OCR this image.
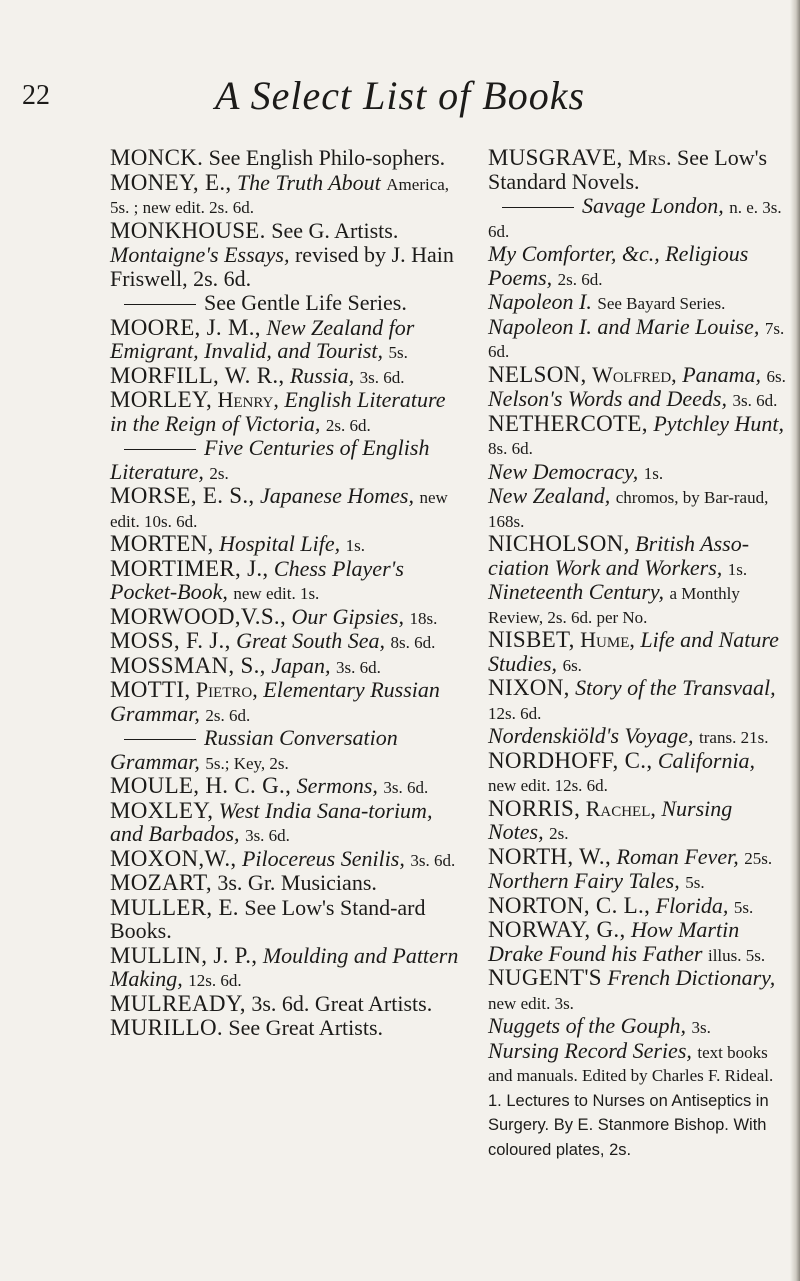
22	A Select List of Books
MONCK. See English Philo-sophers.
MONEY, E., The Truth About America, 5s. ; new edit. 2s. 6d.
MONKHOUSE. See G. Artists.
Montaigne's Essays, revised by J. Hain Friswell, 2s. 6d.
See Gentle Life Series.
MOORE, J. M., New Zealand for Emigrant, Invalid, and Tourist, 5s.
MORFILL, W. R., Russia, 3s. 6d.
MORLEY, Henry, English Literature in the Reign of Victoria, 2s. 6d.
Five Centuries of English Literature, 2s.
MORSE, E. S., Japanese Homes, new edit. 10s. 6d.
MORTEN, Hospital Life, 1s.
MORTIMER, J., Chess Player's Pocket-Book, new edit. 1s.
MORWOOD,V.S., Our Gipsies, 18s.
MOSS, F. J., Great South Sea, 8s. 6d.
MOSSMAN, S., Japan, 3s. 6d.
MOTTI, Pietro, Elementary Russian Grammar, 2s. 6d.
Russian Conversation Grammar, 5s.; Key, 2s.
MOULE, H. C. G., Sermons, 3s. 6d.
MOXLEY, West India Sana-torium, and Barbados, 3s. 6d.
MOXON,W., Pilocereus Senilis, 3s. 6d.
MOZART, 3s. Gr. Musicians.
MULLER, E. See Low's Stand-ard Books.
MULLIN, J. P., Moulding and Pattern Making, 12s. 6d.
MULREADY, 3s. 6d. Great Artists.
MURILLO. See Great Artists.
MUSGRAVE, Mrs. See Low's Standard Novels.
Savage London, n. e. 3s. 6d.
My Comforter, &c., Religious Poems, 2s. 6d.
Napoleon I. See Bayard Series.
Napoleon I. and Marie Louise, 7s. 6d.
NELSON, Wolfred, Panama, 6s.
Nelson's Words and Deeds, 3s. 6d.
NETHERCOTE, Pytchley Hunt, 8s. 6d.
New Democracy, 1s.
New Zealand, chromos, by Bar-raud, 168s.
NICHOLSON, British Asso-ciation Work and Workers, 1s.
Nineteenth Century, a Monthly Review, 2s. 6d. per No.
NISBET, Hume, Life and Nature Studies, 6s.
NIXON, Story of the Transvaal, 12s. 6d.
Nordenskiöld's Voyage, trans. 21s.
NORDHOFF, C., California, new edit. 12s. 6d.
NORRIS, Rachel, Nursing Notes, 2s.
NORTH, W., Roman Fever, 25s.
Northern Fairy Tales, 5s.
NORTON, C. L., Florida, 5s.
NORWAY, G., How Martin Drake Found his Father illus. 5s.
NUGENT'S French Dictionary, new edit. 3s.
Nuggets of the Gouph, 3s.
Nursing Record Series, text books and manuals. Edited by Charles F. Rideal.
1. Lectures to Nurses on Antiseptics in Surgery. By E. Stanmore Bishop. With coloured plates, 2s.
